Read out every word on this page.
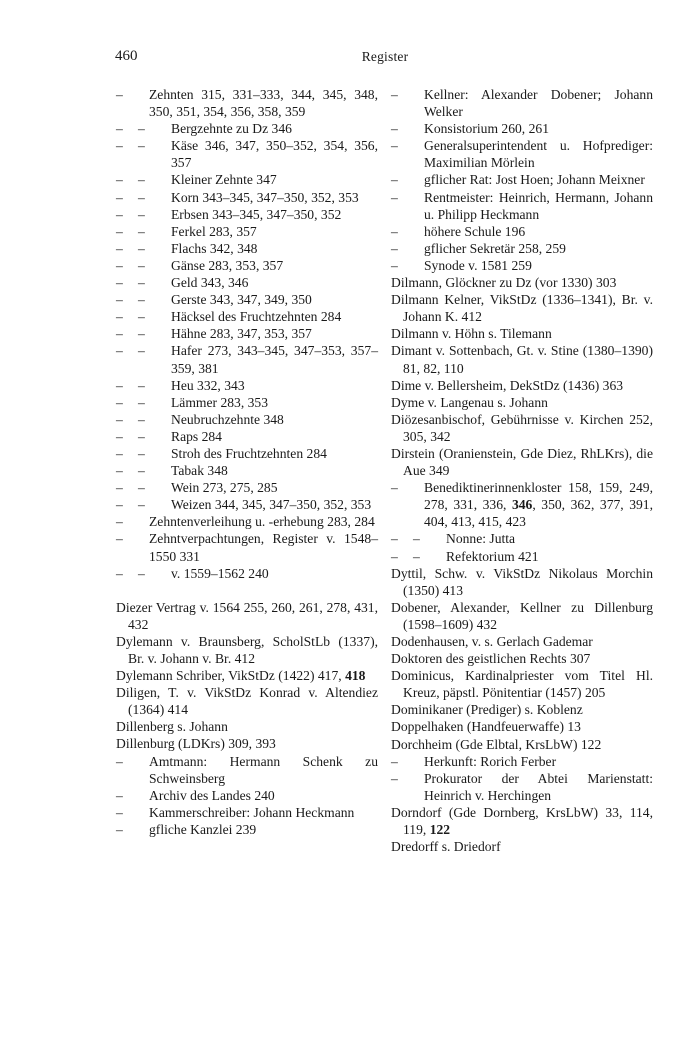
460	Register
– Zehnten 315, 331–333, 344, 345, 348, 350, 351, 354, 356, 358, 359
– – Bergzehnte zu Dz 346
– – Käse 346, 347, 350–352, 354, 356, 357
– – Kleiner Zehnte 347
– – Korn 343–345, 347–350, 352, 353
– – Erbsen 343–345, 347–350, 352
– – Ferkel 283, 357
– – Flachs 342, 348
– – Gänse 283, 353, 357
– – Geld 343, 346
– – Gerste 343, 347, 349, 350
– – Häcksel des Fruchtzehnten 284
– – Hähne 283, 347, 353, 357
– – Hafer 273, 343–345, 347–353, 357–359, 381
– – Heu 332, 343
– – Lämmer 283, 353
– – Neubruchzehnte 348
– – Raps 284
– – Stroh des Fruchtzehnten 284
– – Tabak 348
– – Wein 273, 275, 285
– – Weizen 344, 345, 347–350, 352, 353
– Zehntenverleihung u. -erhebung 283, 284
– Zehntverpachtungen, Register v. 1548–1550 331
– – v. 1559–1562 240
Diezer Vertrag v. 1564 255, 260, 261, 278, 431, 432
Dylemann v. Braunsberg, ScholStLb (1337), Br. v. Johann v. Br. 412
Dylemann Schriber, VikStDz (1422) 417, 418
Diligen, T. v. VikStDz Konrad v. Altendiez (1364) 414
Dillenberg s. Johann
Dillenburg (LDKrs) 309, 393
– Amtmann: Hermann Schenk zu Schweinsberg
– Archiv des Landes 240
– Kammerschreiber: Johann Heckmann
– gfliche Kanzlei 239
– Kellner: Alexander Dobener; Johann Welker
– Konsistorium 260, 261
– Generalsuperintendent u. Hofprediger: Maximilian Mörlein
– gflicher Rat: Jost Hoen; Johann Meixner
– Rentmeister: Heinrich, Hermann, Johann u. Philipp Heckmann
– höhere Schule 196
– gflicher Sekretär 258, 259
– Synode v. 1581 259
Dilmann, Glöckner zu Dz (vor 1330) 303
Dilmann Kelner, VikStDz (1336–1341), Br. v. Johann K. 412
Dilmann v. Höhn s. Tilemann
Dimant v. Sottenbach, Gt. v. Stine (1380–1390) 81, 82, 110
Dime v. Bellersheim, DekStDz (1436) 363
Dyme v. Langenau s. Johann
Diözesanbischof, Gebührnisse v. Kirchen 252, 305, 342
Dirstein (Oranienstein, Gde Diez, RhLKrs), die Aue 349
– Benediktinerinnenkloster 158, 159, 249, 278, 331, 336, 346, 350, 362, 377, 391, 404, 413, 415, 423
– – Nonne: Jutta
– – Refektorium 421
Dyttil, Schw. v. VikStDz Nikolaus Morchin (1350) 413
Dobener, Alexander, Kellner zu Dillenburg (1598–1609) 432
Dodenhausen, v. s. Gerlach Gademar
Doktoren des geistlichen Rechts 307
Dominicus, Kardinalpriester vom Titel Hl. Kreuz, päpstl. Pönitentiar (1457) 205
Dominikaner (Prediger) s. Koblenz
Doppelhaken (Handfeuerwaffe) 13
Dorchheim (Gde Elbtal, KrsLbW) 122
– Herkunft: Rorich Ferber
– Prokurator der Abtei Marienstatt: Heinrich v. Herchingen
Dorndorf (Gde Dornberg, KrsLbW) 33, 114, 119, 122
Dredorff s. Driedorf
